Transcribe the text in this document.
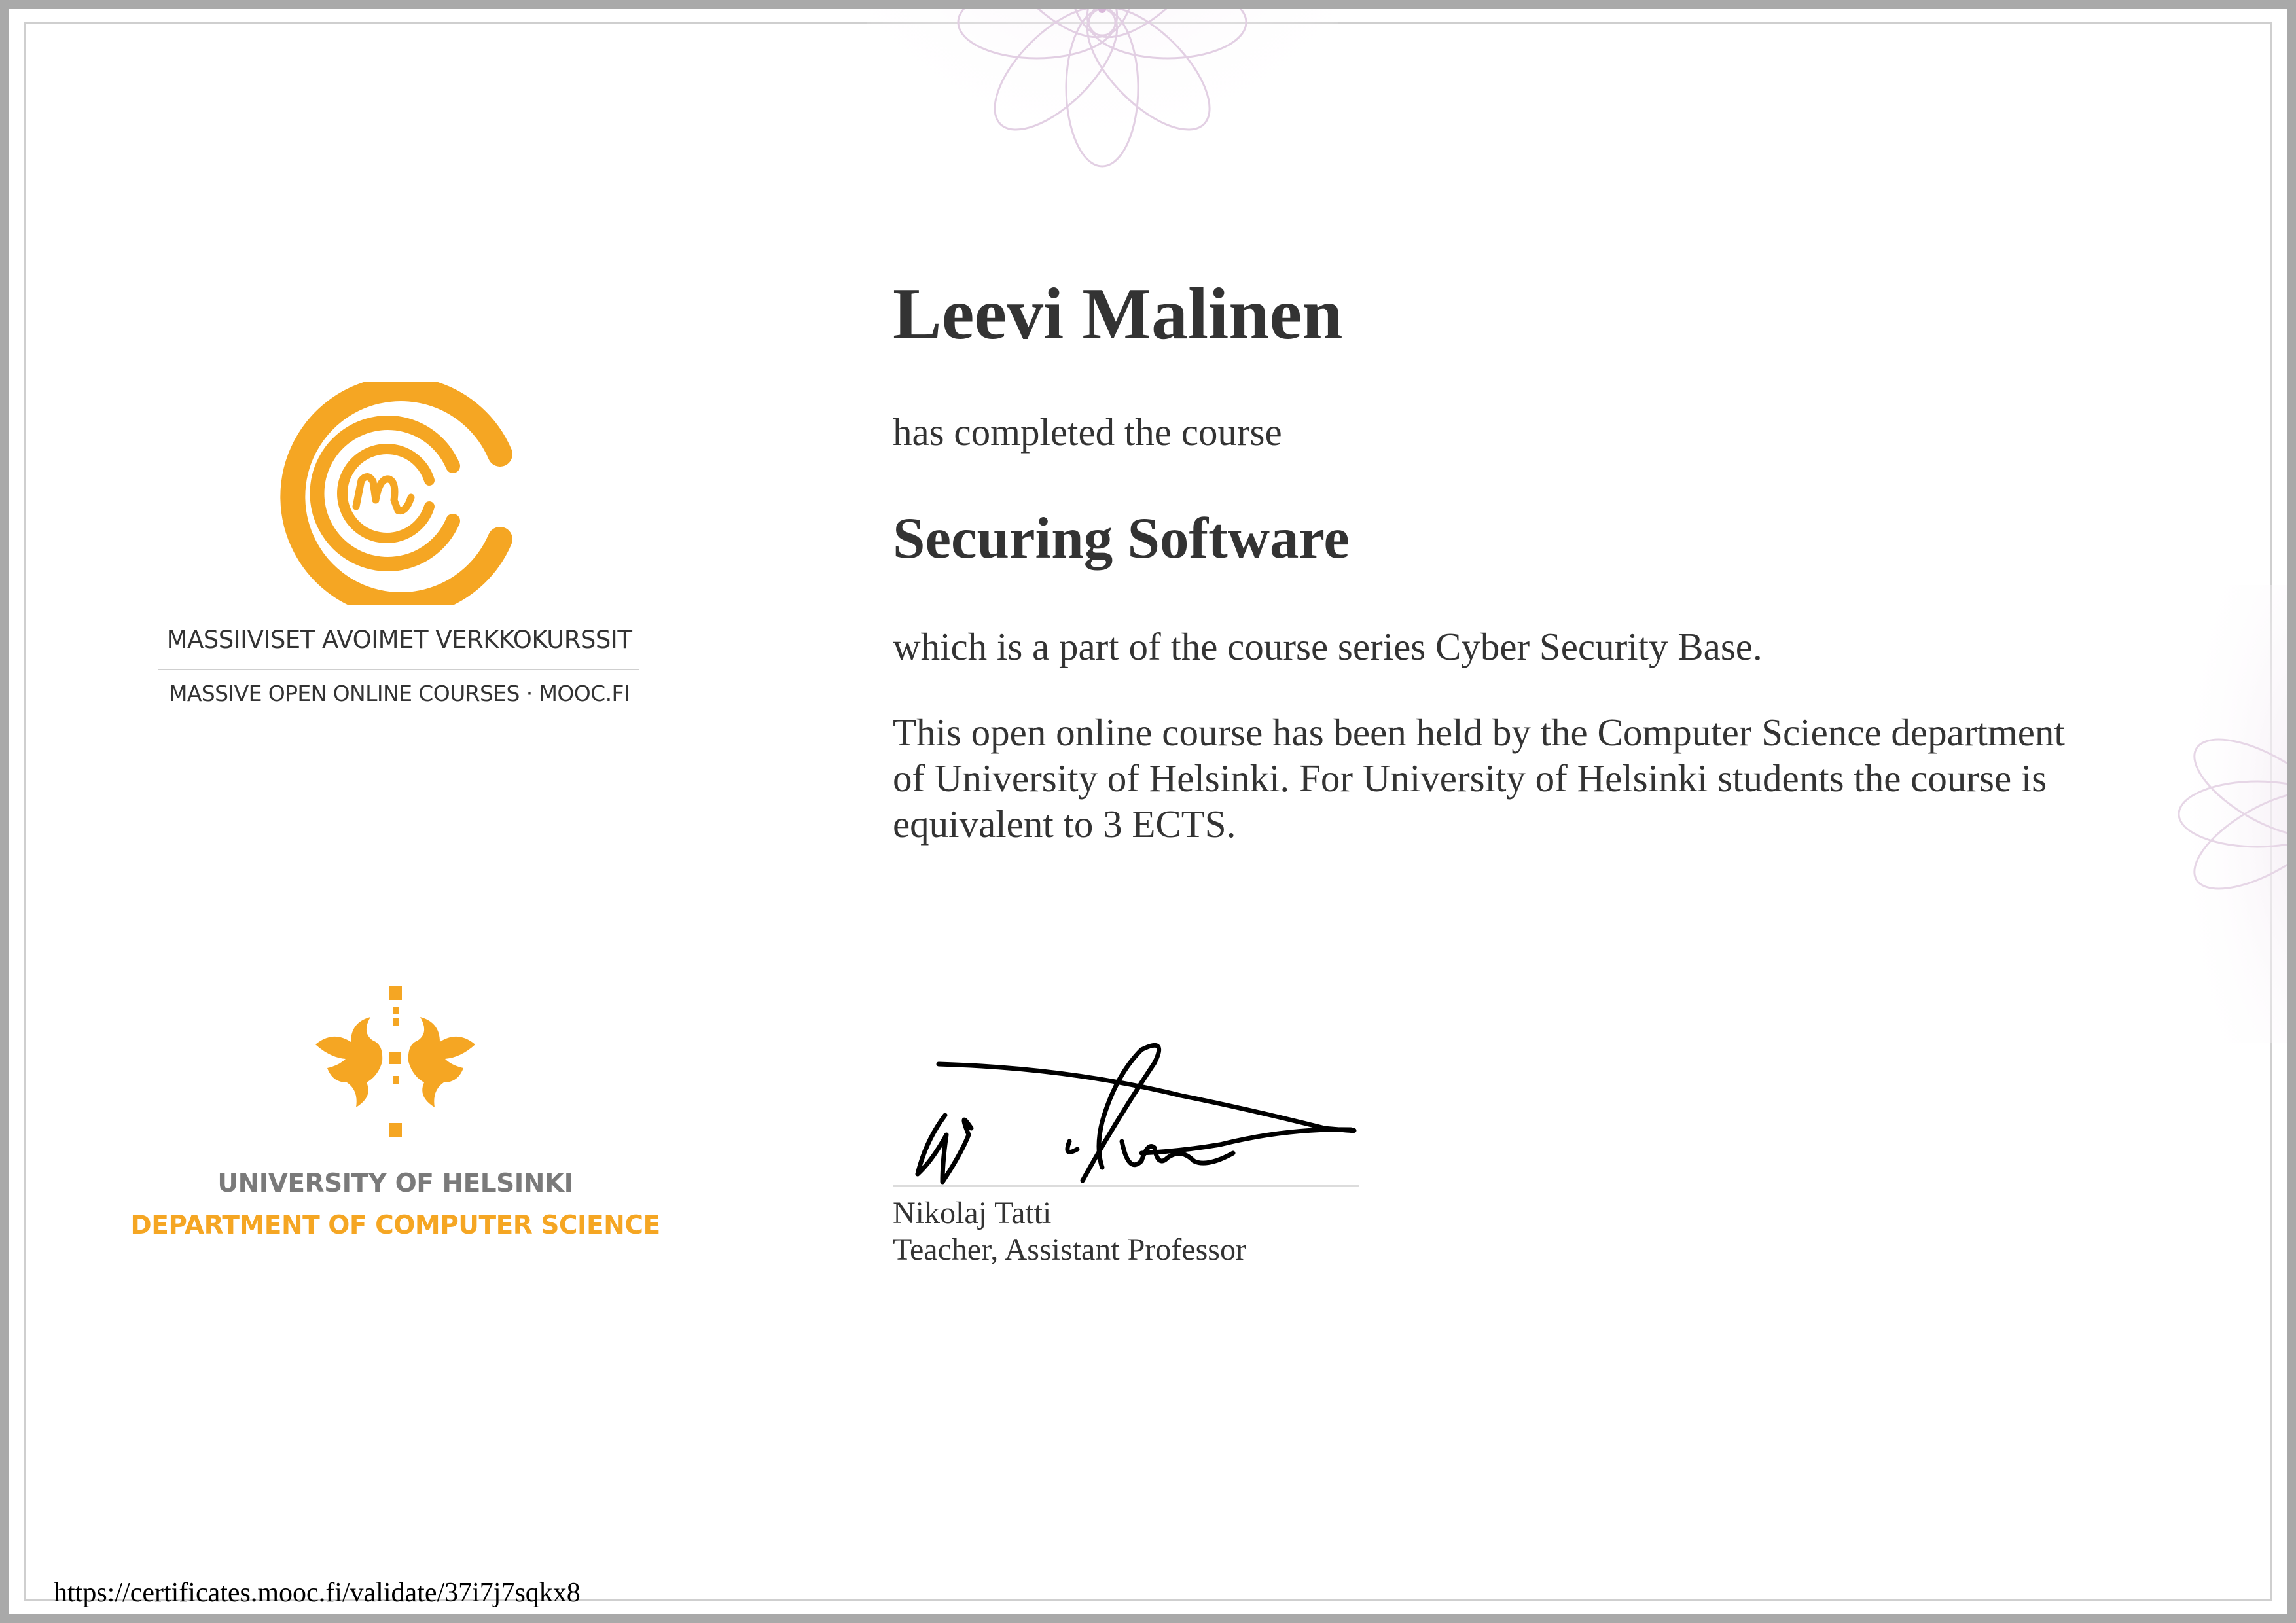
MASSIIVISET AVOIMET VERKKOKURSSIT
MASSIVE OPEN ONLINE COURSES · MOOC.FI
UNIVERSITY OF HELSINKI
DEPARTMENT OF COMPUTER SCIENCE
Leevi Malinen
has completed the course
Securing Software
which is a part of the course series Cyber Security Base.
This open online course has been held by the Computer Science department of University of Helsinki. For University of Helsinki students the course is equivalent to 3 ECTS.
Nikolaj Tatti
Teacher, Assistant Professor
https://certificates.mooc.fi/validate/37i7j7sqkx8
